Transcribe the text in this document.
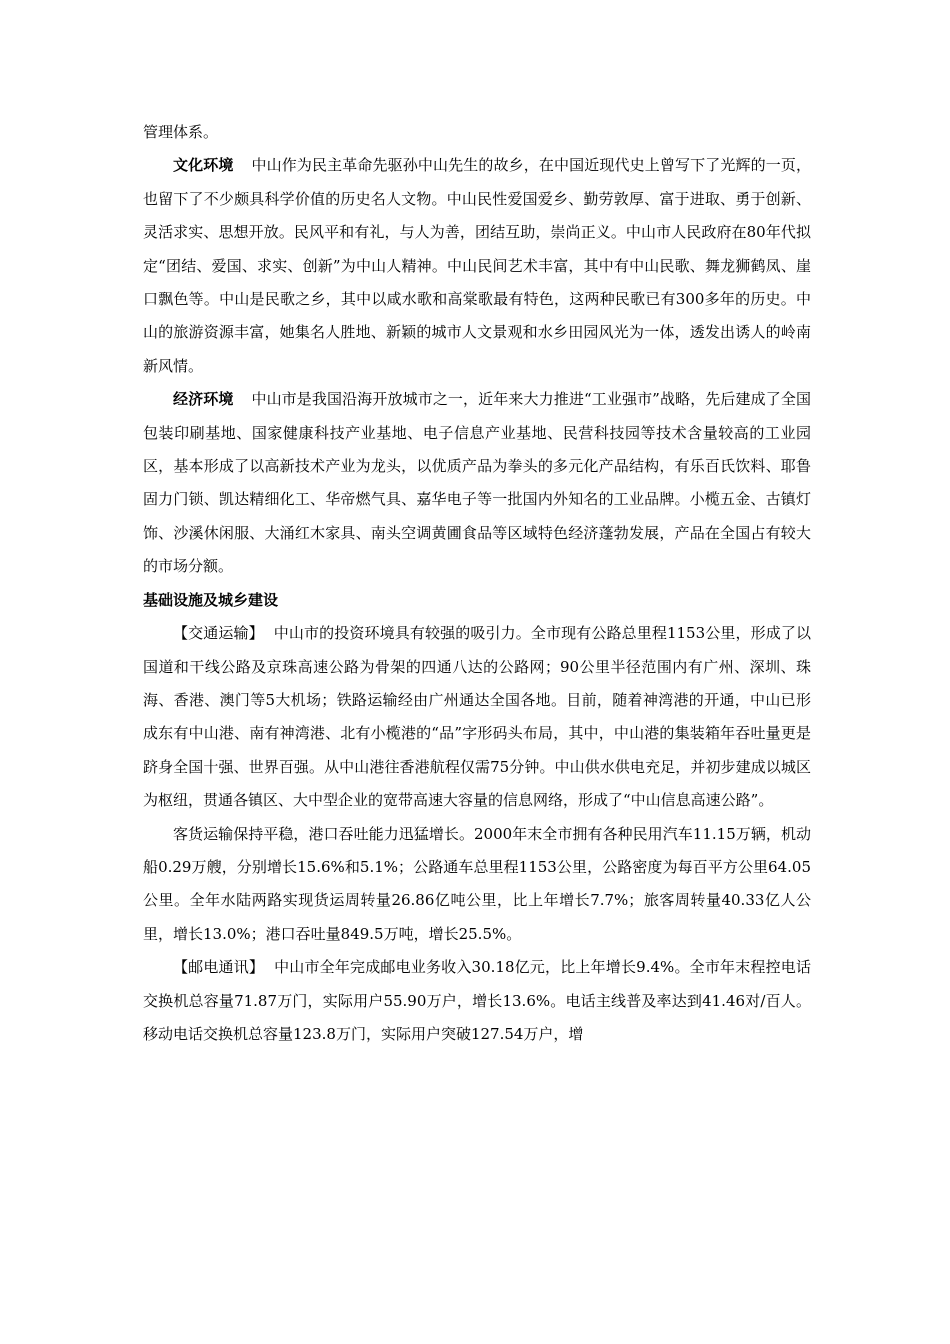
管理体系。

文化环境 中山作为民主革命先驱孙中山先生的故乡，在中国近现代史上曾写下了光辉的一页，也留下了不少颇具科学价值的历史名人文物。中山民性爱国爱乡、勤劳敦厚、富于进取、勇于创新、灵活求实、思想开放。民风平和有礼，与人为善，团结互助，崇尚正义。中山市人民政府在80年代拟定“团结、爱国、求实、创新”为中山人精神。中山民间艺术丰富，其中有中山民歌、舞龙狮鹤凤、崖口飘色等。中山是民歌之乡，其中以咸水歌和高棠歌最有特色，这两种民歌已有300多年的历史。中山的旅游资源丰富，她集名人胜地、新颖的城市人文景观和水乡田园风光为一体，透发出诱人的岭南新风情。

经济环境 中山市是我国沿海开放城市之一，近年来大力推进“工业强市”战略，先后建成了全国包装印刷基地、国家健康科技产业基地、电子信息产业基地、民营科技园等技术含量较高的工业园区，基本形成了以高新技术产业为龙头，以优质产品为拳头的多元化产品结构，有乐百氏饮料、耶鲁固力门锁、凯达精细化工、华帝燃气具、嘉华电子等一批国内外知名的工业品牌。小榄五金、古镇灯饰、沙溪休闲服、大涌红木家具、南头空调黄圃食品等区域特色经济蓬勃发展，产品在全国占有较大的市场分额。

基础设施及城乡建设

【交通运输】 中山市的投资环境具有较强的吸引力。全市现有公路总里程1153公里，形成了以国道和干线公路及京珠高速公路为骨架的四通八达的公路网；90公里半径范围内有广州、深圳、珠海、香港、澳门等5大机场；铁路运输经由广州通达全国各地。目前，随着神湾港的开通，中山已形成东有中山港、南有神湾港、北有小榄港的“品”字形码头布局，其中，中山港的集装箱年吞吐量更是跻身全国十强、世界百强。从中山港往香港航程仅需75分钟。中山供水供电充足，并初步建成以城区为枢纽，贯通各镇区、大中型企业的宽带高速大容量的信息网络，形成了“中山信息高速公路”。

客货运输保持平稳，港口吞吐能力迅猛增长。2000年末全市拥有各种民用汽车11.15万辆，机动船0.29万艘，分别增长15.6%和5.1%；公路通车总里程1153公里，公路密度为每百平方公里64.05公里。全年水陆两路实现货运周转量26.86亿吨公里，比上年增长7.7%；旅客周转量40.33亿人公里，增长13.0%；港口吞吐量849.5万吨，增长25.5%。

【邮电通讯】 中山市全年完成邮电业务收入30.18亿元，比上年增长9.4%。全市年末程控电话交换机总容量71.87万门，实际用户55.90万户，增长13.6%。电话主线普及率达到41.46对/百人。移动电话交换机总容量123.8万门，实际用户突破127.54万户，增
